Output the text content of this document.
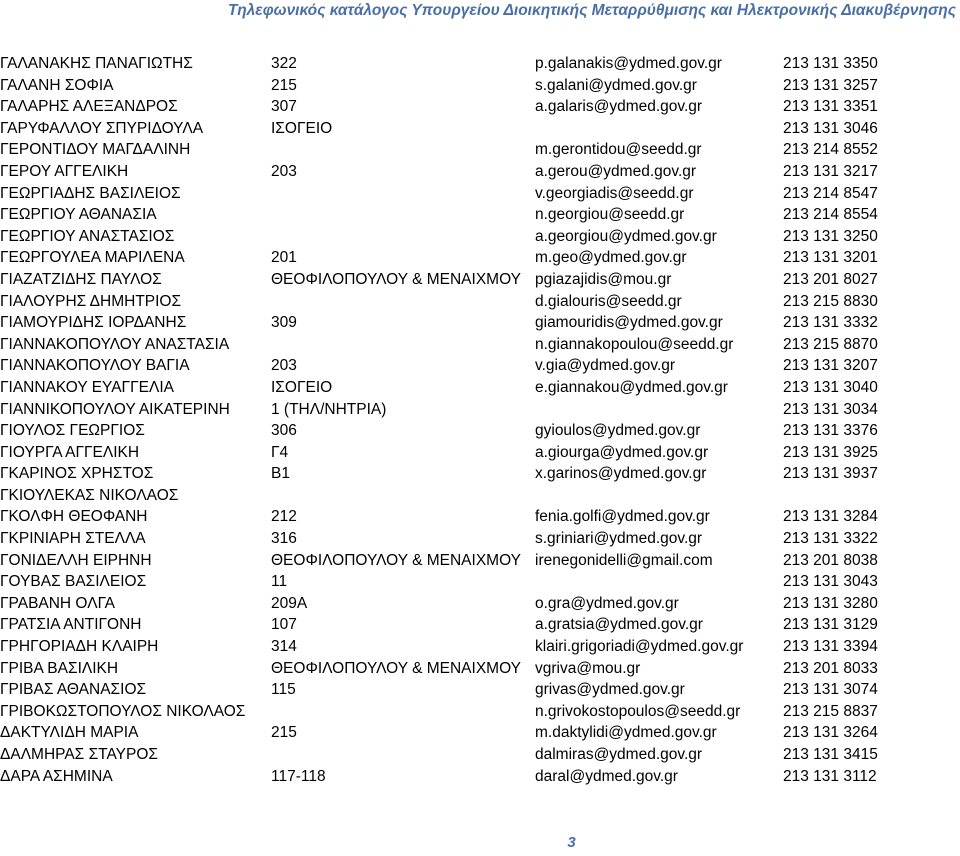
Τηλεφωνικός κατάλογος Υπουργείου Διοικητικής Μεταρρύθμισης και Ηλεκτρονικής Διακυβέρνησης
ΓΑΛΑΝΑΚΗΣ ΠΑΝΑΓΙΩΤΗΣ	322	p.galanakis@ydmed.gov.gr	213 131 3350
ΓΑΛΑΝΗ ΣΟΦΙΑ	215	s.galani@ydmed.gov.gr	213 131 3257
ΓΑΛΑΡΗΣ ΑΛΕΞΑΝΔΡΟΣ	307	a.galaris@ydmed.gov.gr	213 131 3351
ΓΑΡΥΦΑΛΛΟΥ ΣΠΥΡΙΔΟΥΛΑ	ΙΣΟΓΕΙΟ		213 131 3046
ΓΕΡΟΝΤΙΔΟΥ ΜΑΓΔΑΛΙΝΗ		m.gerontidou@seedd.gr	213 214 8552
ΓΕΡΟΥ ΑΓΓΕΛΙΚΗ	203	a.gerou@ydmed.gov.gr	213 131 3217
ΓΕΩΡΓΙΑΔΗΣ ΒΑΣΙΛΕΙΟΣ		v.georgiadis@seedd.gr	213 214 8547
ΓΕΩΡΓΙΟΥ ΑΘΑΝΑΣΙΑ		n.georgiou@seedd.gr	213 214 8554
ΓΕΩΡΓΙΟΥ ΑΝΑΣΤΑΣΙΟΣ		a.georgiou@ydmed.gov.gr	213 131 3250
ΓΕΩΡΓΟΥΛΕΑ ΜΑΡΙΛΕΝΑ	201	m.geo@ydmed.gov.gr	213 131 3201
ΓΙΑΖΑΤΖΙΔΗΣ ΠΑΥΛΟΣ	ΘΕΟΦΙΛΟΠΟΥΛΟΥ & ΜΕΝΑΙΧΜΟΥ	pgiazajidis@mou.gr	213 201 8027
ΓΙΑΛΟΥΡΗΣ ΔΗΜΗΤΡΙΟΣ		d.gialouris@seedd.gr	213 215 8830
ΓΙΑΜΟΥΡΙΔΗΣ ΙΟΡΔΑΝΗΣ	309	giamouridis@ydmed.gov.gr	213 131 3332
ΓΙΑΝΝΑΚΟΠΟΥΛΟΥ ΑΝΑΣΤΑΣΙΑ		n.giannakopoulou@seedd.gr	213 215 8870
ΓΙΑΝΝΑΚΟΠΟΥΛΟΥ ΒΑΓΙΑ	203	v.gia@ydmed.gov.gr	213 131 3207
ΓΙΑΝΝΑΚΟΥ ΕΥΑΓΓΕΛΙΑ	ΙΣΟΓΕΙΟ	e.giannakou@ydmed.gov.gr	213 131 3040
ΓΙΑΝΝΙΚΟΠΟΥΛΟΥ ΑΙΚΑΤΕΡΙΝΗ	1 (ΤΗΛ/ΝΗΤΡΙΑ)		213 131 3034
ΓΙΟΥΛΟΣ ΓΕΩΡΓΙΟΣ	306	gyioulos@ydmed.gov.gr	213 131 3376
ΓΙΟΥΡΓΑ ΑΓΓΕΛΙΚΗ	Γ4	a.giourga@ydmed.gov.gr	213 131 3925
ΓΚΑΡΙΝΟΣ ΧΡΗΣΤΟΣ	Β1	x.garinos@ydmed.gov.gr	213 131 3937
ΓΚΙΟΥΛΕΚΑΣ ΝΙΚΟΛΑΟΣ			
ΓΚΟΛΦΗ ΘΕΟΦΑΝΗ	212	fenia.golfi@ydmed.gov.gr	213 131 3284
ΓΚΡΙΝΙΑΡΗ ΣΤΕΛΛΑ	316	s.griniari@ydmed.gov.gr	213 131 3322
ΓΟΝΙΔΕΛΛΗ ΕΙΡΗΝΗ	ΘΕΟΦΙΛΟΠΟΥΛΟΥ & ΜΕΝΑΙΧΜΟΥ	irenegonidelli@gmail.com	213 201 8038
ΓΟΥΒΑΣ ΒΑΣΙΛΕΙΟΣ	11		213 131 3043
ΓΡΑΒΑΝΗ ΟΛΓΑ	209Α	o.gra@ydmed.gov.gr	213 131 3280
ΓΡΑΤΣΙΑ ΑΝΤΙΓΟΝΗ	107	a.gratsia@ydmed.gov.gr	213 131 3129
ΓΡΗΓΟΡΙΑΔΗ ΚΛΑΙΡΗ	314	klairi.grigoriadi@ydmed.gov.gr	213 131 3394
ΓΡΙΒΑ ΒΑΣΙΛΙΚΗ	ΘΕΟΦΙΛΟΠΟΥΛΟΥ & ΜΕΝΑΙΧΜΟΥ	vgriva@mou.gr	213 201 8033
ΓΡΙΒΑΣ ΑΘΑΝΑΣΙΟΣ	115	grivas@ydmed.gov.gr	213 131 3074
ΓΡΙΒΟΚΩΣΤΟΠΟΥΛΟΣ ΝΙΚΟΛΑΟΣ		n.grivokostopoulos@seedd.gr	213 215 8837
ΔΑΚΤΥΛΙΔΗ ΜΑΡΙΑ	215	m.daktylidi@ydmed.gov.gr	213 131 3264
ΔΑΛΜΗΡΑΣ ΣΤΑΥΡΟΣ		dalmiras@ydmed.gov.gr	213 131 3415
ΔΑΡΑ ΑΣΗΜΙΝΑ	117-118	daral@ydmed.gov.gr	213 131 3112
3
